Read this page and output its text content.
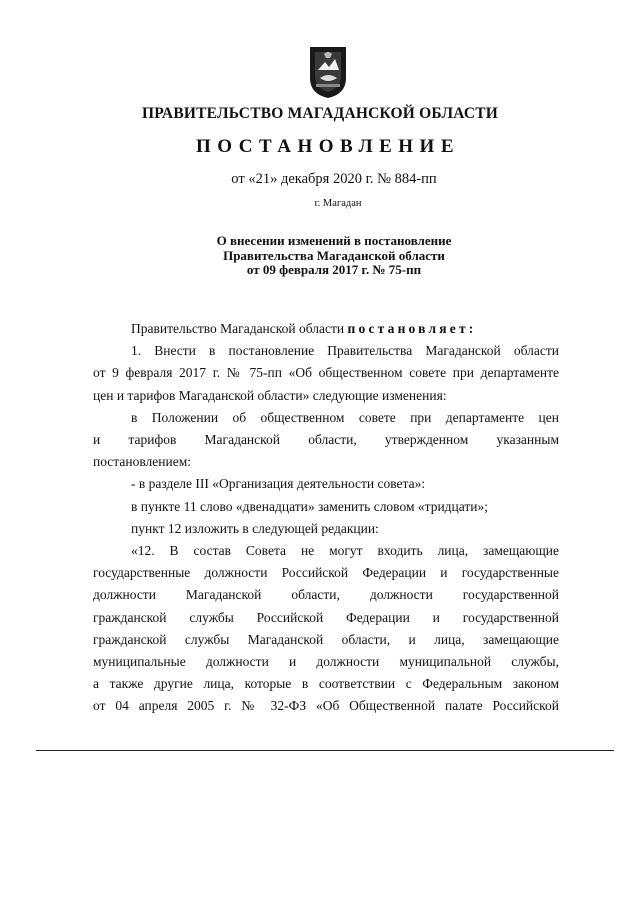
ПРАВИТЕЛЬСТВО МАГАДАНСКОЙ ОБЛАСТИ
ПОСТАНОВЛЕНИЕ
от «21» декабря 2020 г. № 884-пп
г. Магадан
О внесении изменений в постановление
Правительства Магаданской области
от 09 февраля 2017 г. № 75-пп
Правительство Магаданской области постановляет:
1. Внести в постановление Правительства Магаданской области
от 9 февраля 2017 г. № 75-пп «Об общественном совете при департаменте
цен и тарифов Магаданской области» следующие изменения:
в Положении об общественном совете при департаменте цен
и тарифов Магаданской области, утвержденном указанным
постановлением:
- в разделе III «Организация деятельности совета»:
в пункте 11 слово «двенадцати» заменить словом «тридцати»;
пункт 12 изложить в следующей редакции:
«12. В состав Совета не могут входить лица, замещающие
государственные должности Российской Федерации и государственные
должности Магаданской области, должности государственной
гражданской службы Российской Федерации и государственной
гражданской службы Магаданской области, и лица, замещающие
муниципальные должности и должности муниципальной службы,
а также другие лица, которые в соответствии с Федеральным законом
от 04 апреля 2005 г. № 32-ФЗ «Об Общественной палате Российской
